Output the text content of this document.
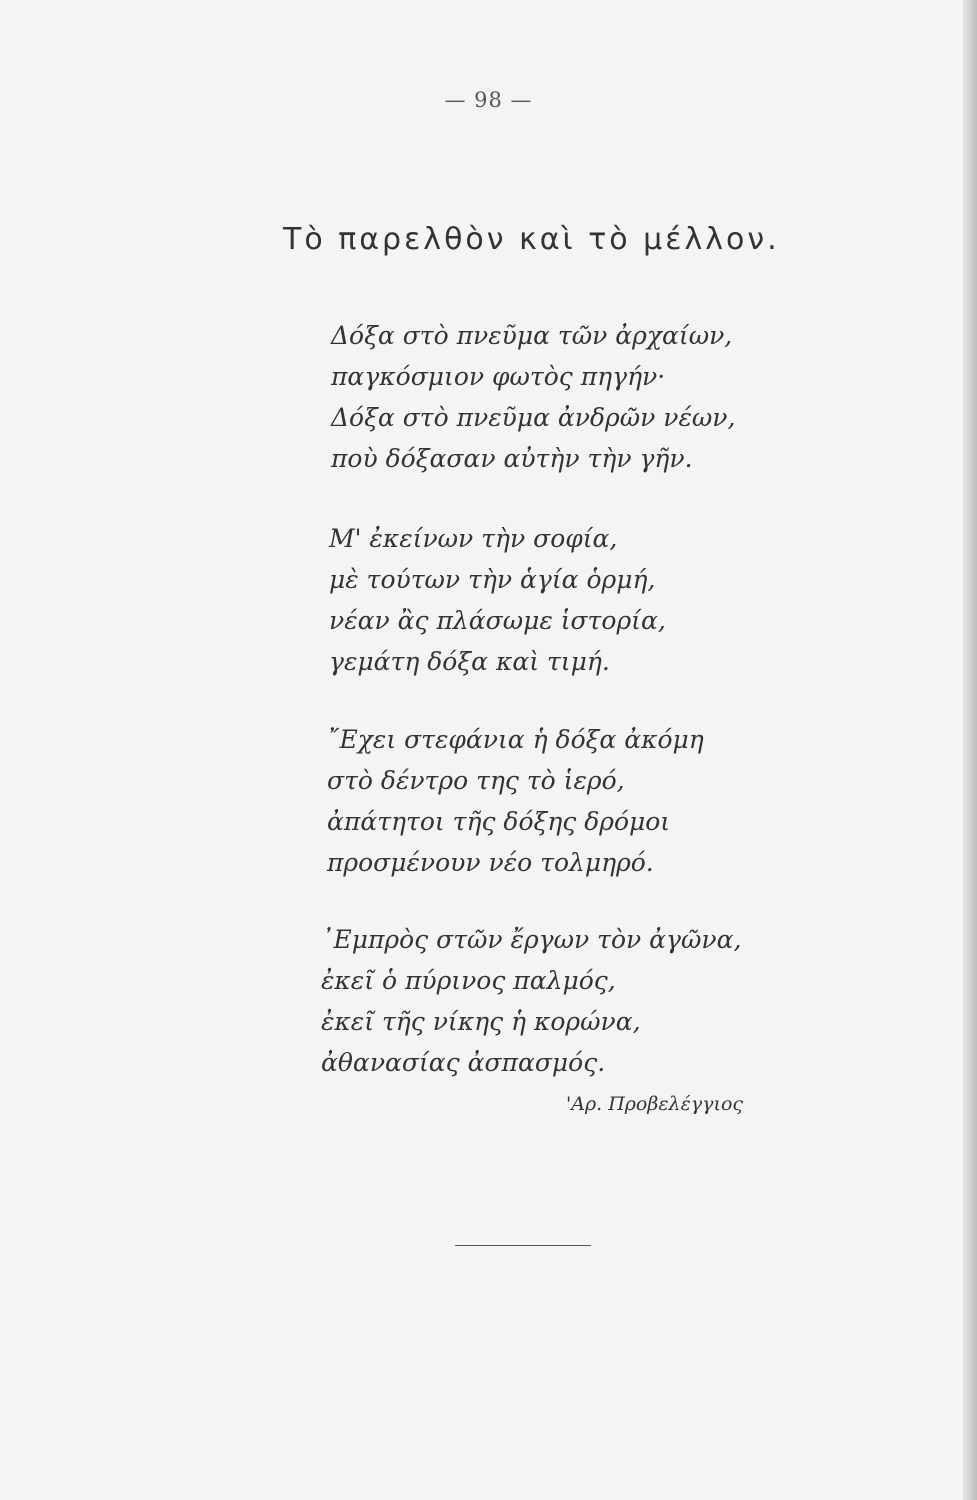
— 98 —
Τὸ παρελθὸν καὶ τὸ μέλλον.
Δόξα στὸ πνεῦμα τῶν ἀρχαίων,
παγκόσμιον φωτὸς πηγήν·
Δόξα στὸ πνεῦμα ἀνδρῶν νέων,
ποὺ δόξασαν αὐτὴν τὴν γῆν.
Μ' ἐκείνων τὴν σοφία,
μὲ τούτων τὴν ἁγία ὁρμή,
νέαν ἂς πλάσωμε ἱστορία,
γεμάτη δόξα καὶ τιμή.
῎Εχει στεφάνια ἡ δόξα ἀκόμη
στὸ δέντρο της τὸ ἱερό,
ἀπάτητοι τῆς δόξης δρόμοι
προσμένουν νέο τολμηρό.
᾽Εμπρὸς στῶν ἔργων τὸν ἀγῶνα,
ἐκεῖ ὁ πύρινος παλμός,
ἐκεῖ τῆς νίκης ἡ κορώνα,
ἀθανασίας ἀσπασμός.
'Αρ. Προβελέγγιος
